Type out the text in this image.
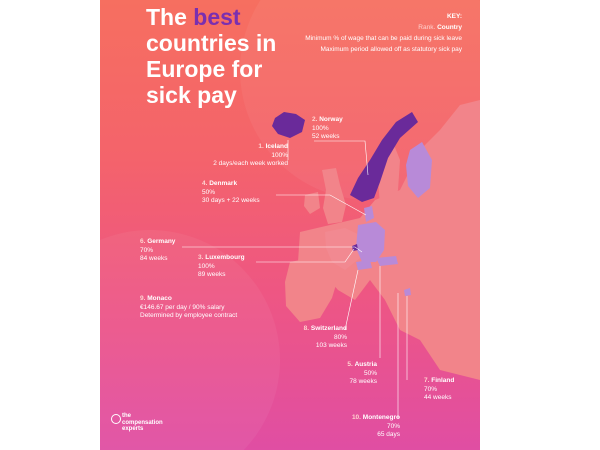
The best
countries in
Europe for
sick pay

KEY:

Rank. Country

Minimum % of wage that can be paid during sick leave

Maximum period allowed off as statutory sick pay

1. Iceland
100%
2 days/each week worked
2. Norway
100%
52 weeks
4. Denmark
50%
30 days + 22 weeks
6. Germany
70%
84 weeks	3. Luxembourg
100%
89 weeks
9. Monaco
€146.67 per day / 90% salary
Determined by employee contract
8. Switzerland
80%
103 weeks
5. Austria
50%
78 weeks	7. Finland
70%
44 weeks
10. Montenegro
70%
65 days
the
compensation
experts
